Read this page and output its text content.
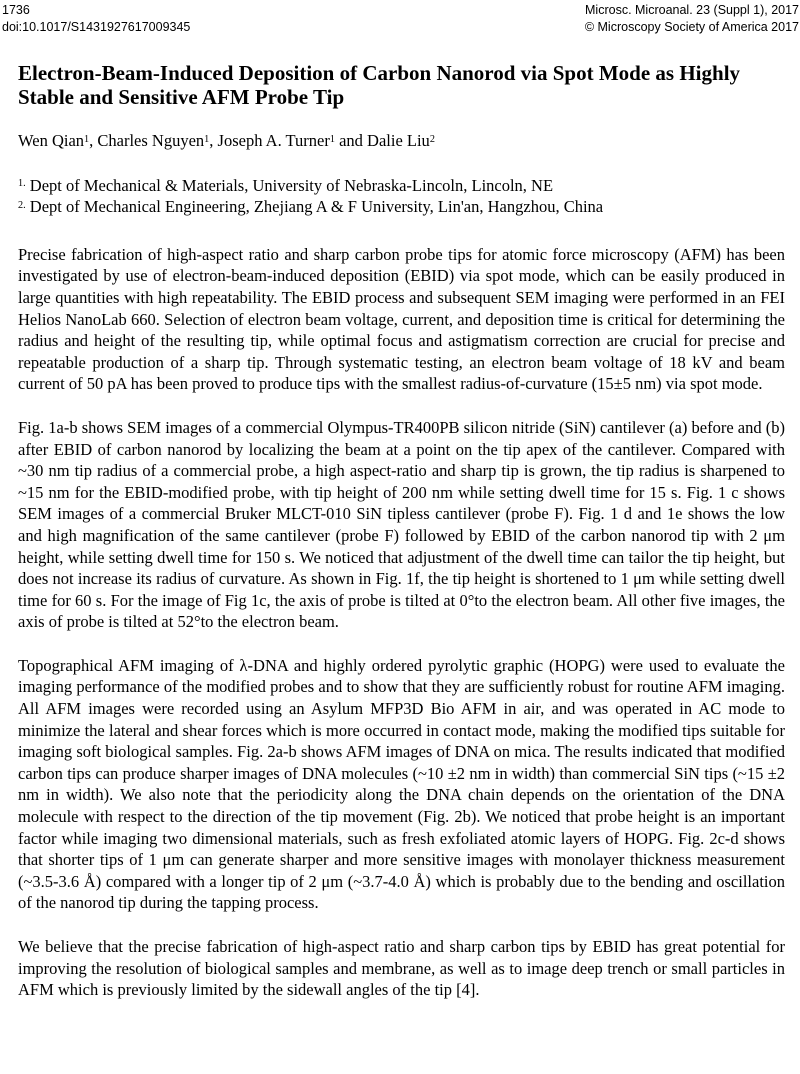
1736
doi:10.1017/S1431927617009345
Microsc. Microanal. 23 (Suppl 1), 2017
© Microscopy Society of America 2017
Electron-Beam-Induced Deposition of Carbon Nanorod via Spot Mode as Highly Stable and Sensitive AFM Probe Tip
Wen Qian$^1$, Charles Nguyen$^1$, Joseph A. Turner$^1$ and Dalie Liu$^2$
$^{1.}$ Dept of Mechanical & Materials, University of Nebraska-Lincoln, Lincoln, NE
$^{2.}$ Dept of Mechanical Engineering, Zhejiang A & F University, Lin'an, Hangzhou, China

Precise fabrication of high-aspect ratio and sharp carbon probe tips for atomic force microscopy (AFM) has been investigated by use of electron-beam-induced deposition (EBID) via spot mode, which can be easily produced in large quantities with high repeatability. The EBID process and subsequent SEM imaging were performed in an FEI Helios NanoLab 660. Selection of electron beam voltage, current, and deposition time is critical for determining the radius and height of the resulting tip, while optimal focus and astigmatism correction are crucial for precise and repeatable production of a sharp tip. Through systematic testing, an electron beam voltage of 18 kV and beam current of 50 pA has been proved to produce tips with the smallest radius-of-curvature (15±5 nm) via spot mode.

Fig. 1a-b shows SEM images of a commercial Olympus-TR400PB silicon nitride (SiN) cantilever (a) before and (b) after EBID of carbon nanorod by localizing the beam at a point on the tip apex of the cantilever. Compared with ~30 nm tip radius of a commercial probe, a high aspect-ratio and sharp tip is grown, the tip radius is sharpened to ~15 nm for the EBID-modified probe, with tip height of 200 nm while setting dwell time for 15 s. Fig. 1 c shows SEM images of a commercial Bruker MLCT-010 SiN tipless cantilever (probe F). Fig. 1 d and 1e shows the low and high magnification of the same cantilever (probe F) followed by EBID of the carbon nanorod tip with 2 μm height, while setting dwell time for 150 s. We noticed that adjustment of the dwell time can tailor the tip height, but does not increase its radius of curvature. As shown in Fig. 1f, the tip height is shortened to 1 μm while setting dwell time for 60 s. For the image of Fig 1c, the axis of probe is tilted at 0°to the electron beam. All other five images, the axis of probe is tilted at 52°to the electron beam.

Topographical AFM imaging of λ-DNA and highly ordered pyrolytic graphic (HOPG) were used to evaluate the imaging performance of the modified probes and to show that they are sufficiently robust for routine AFM imaging. All AFM images were recorded using an Asylum MFP3D Bio AFM in air, and was operated in AC mode to minimize the lateral and shear forces which is more occurred in contact mode, making the modified tips suitable for imaging soft biological samples. Fig. 2a-b shows AFM images of DNA on mica. The results indicated that modified carbon tips can produce sharper images of DNA molecules (~10 ±2 nm in width) than commercial SiN tips (~15 ±2 nm in width). We also note that the periodicity along the DNA chain depends on the orientation of the DNA molecule with respect to the direction of the tip movement (Fig. 2b). We noticed that probe height is an important factor while imaging two dimensional materials, such as fresh exfoliated atomic layers of HOPG. Fig. 2c-d shows that shorter tips of 1 μm can generate sharper and more sensitive images with monolayer thickness measurement (~3.5-3.6 Å) compared with a longer tip of 2 μm (~3.7-4.0 Å) which is probably due to the bending and oscillation of the nanorod tip during the tapping process.

We believe that the precise fabrication of high-aspect ratio and sharp carbon tips by EBID has great potential for improving the resolution of biological samples and membrane, as well as to image deep trench or small particles in AFM which is previously limited by the sidewall angles of the tip [4].
